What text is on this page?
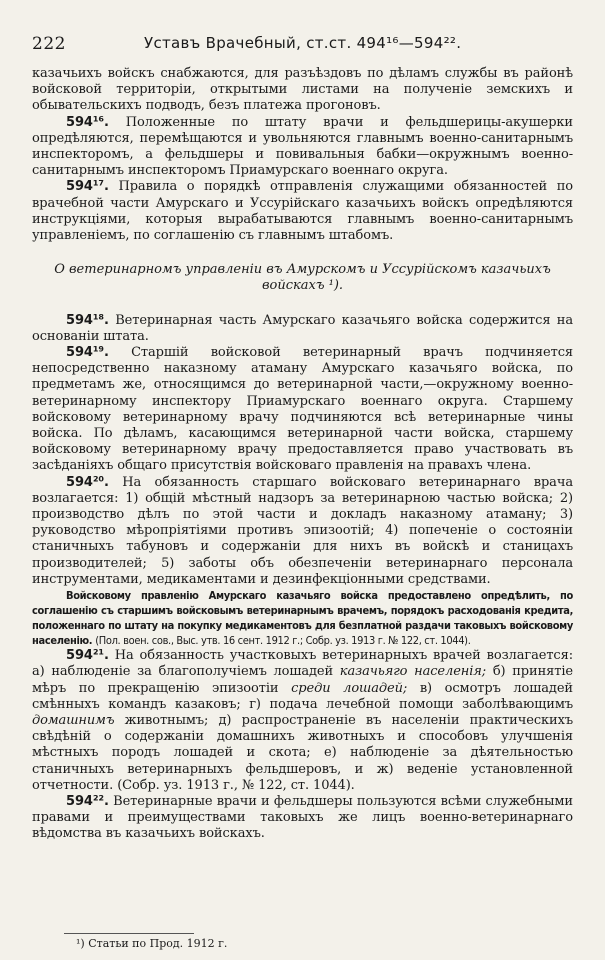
222	Уставъ Врачебный, ст.ст. 494¹⁶—594²².

казачьихъ войскъ снабжаются, для разъѣздовъ по дѣламъ службы въ районѣ войсковой территоріи, открытыми листами на полученіе земскихъ и обывательскихъ подводъ, безъ платежа прогоновъ.

594¹⁶. Положенные по штату врачи и фельдшерицы-акушерки опредѣляются, перемѣщаются и увольняются главнымъ военно-санитарнымъ инспекторомъ, а фельдшеры и повивальныя бабки—окружнымъ военно-санитарнымъ инспекторомъ Приамурскаго военнаго округа.

594¹⁷. Правила о порядкѣ отправленія служащими обязанностей по врачебной части Амурскаго и Уссурійскаго казачьихъ войскъ опредѣляются инструкціями, которыя вырабатываются главнымъ военно-санитарнымъ управленіемъ, по соглашенію съ главнымъ штабомъ.

О ветеринарномъ управленіи въ Амурскомъ и Уссурійскомъ казачьихъ войскахъ ¹).

594¹⁸. Ветеринарная часть Амурскаго казачьяго войска содержится на основаніи штата.

594¹⁹. Старшій войсковой ветеринарный врачъ подчиняется непосредственно наказному атаману Амурскаго казачьяго войска, по предметамъ же, относящимся до ветеринарной части,—окружному военно-ветеринарному инспектору Приамурскаго военнаго округа. Старшему войсковому ветеринарному врачу подчиняются всѣ ветеринарные чины войска. По дѣламъ, касающимся ветеринарной части войска, старшему войсковому ветеринарному врачу предоставляется право участвовать въ засѣданіяхъ общаго присутствія войсковаго правленія на правахъ члена.

594²⁰. На обязанность старшаго войсковаго ветеринарнаго врача возлагается: 1) общій мѣстный надзоръ за ветеринарною частью войска; 2) производство дѣлъ по этой части и докладъ наказному атаману; 3) руководство мѣропріятіями противъ эпизоотій; 4) попеченіе о состояніи станичныхъ табуновъ и содержаніи для нихъ въ войскѣ и станицахъ производителей; 5) заботы объ обезпеченіи ветеринарнаго персонала инструментами, медикаментами и дезинфекціонными средствами.

Войсковому правленію Амурскаго казачьяго войска предоставлено опредѣлить, по соглашенію съ старшимъ войсковымъ ветеринарнымъ врачемъ, порядокъ расходованія кредита, положеннаго по штату на покупку медикаментовъ для безплатной раздачи таковыхъ войсковому населенію. (Пол. воен. сов., Выс. утв. 16 сент. 1912 г.; Собр. уз. 1913 г. № 122, ст. 1044).

594²¹. На обязанность участковыхъ ветеринарныхъ врачей возлагается: а) наблюденіе за благополучіемъ лошадей казачьяго населенія; б) принятіе мѣръ по прекращенію эпизоотіи среди лошадей; в) осмотръ лошадей смѣнныхъ командъ казаковъ; г) подача лечебной помощи заболѣвающимъ домашнимъ животнымъ; д) распространеніе въ населеніи практическихъ свѣдѣній о содержаніи домашнихъ животныхъ и способовъ улучшенія мѣстныхъ породъ лошадей и скота; е) наблюденіе за дѣятельностью станичныхъ ветеринарныхъ фельдшеровъ, и ж) веденіе установленной отчетности. (Собр. уз. 1913 г., № 122, ст. 1044).

594²². Ветеринарные врачи и фельдшеры пользуются всѣми служебными правами и преимуществами таковыхъ же лицъ военно-ветеринарнаго вѣдомства въ казачьихъ войскахъ.

¹) Статьи по Прод. 1912 г.
